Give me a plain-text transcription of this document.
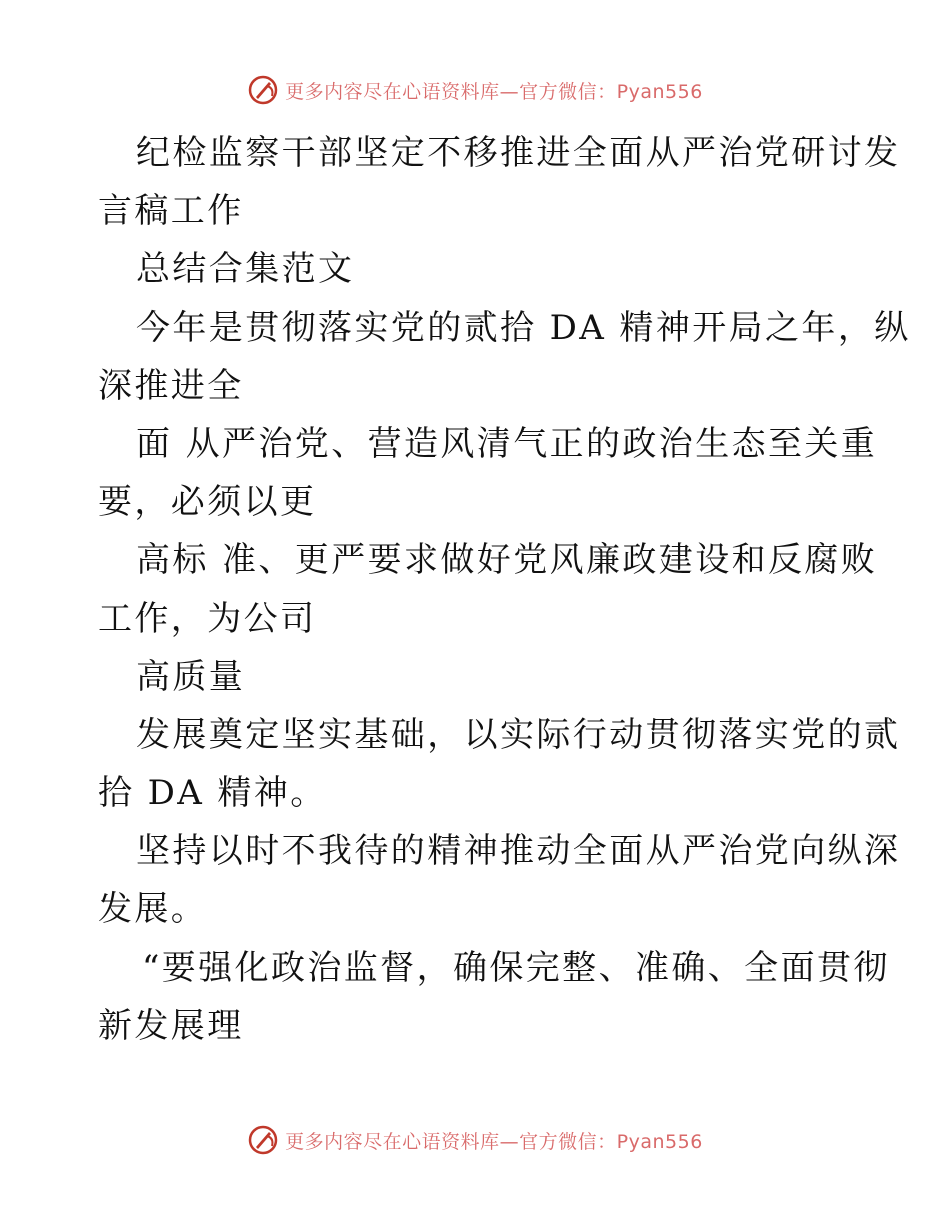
更多内容尽在心语资料库—官方微信：Pyan556
纪检监察干部坚定不移推进全面从严治党研讨发
言稿工作
总结合集范文
今年是贯彻落实党的贰拾 DA 精神开局之年，纵
深推进全
面 从严治党、营造风清气正的政治生态至关重
要，必须以更
高标 准、更严要求做好党风廉政建设和反腐败
工作，为公司
高质量
发展奠定坚实基础，以实际行动贯彻落实党的贰
拾 DA 精神。
坚持以时不我待的精神推动全面从严治党向纵深
发展。
“要强化政治监督，确保完整、准确、全面贯彻
新发展理
更多内容尽在心语资料库—官方微信：Pyan556
